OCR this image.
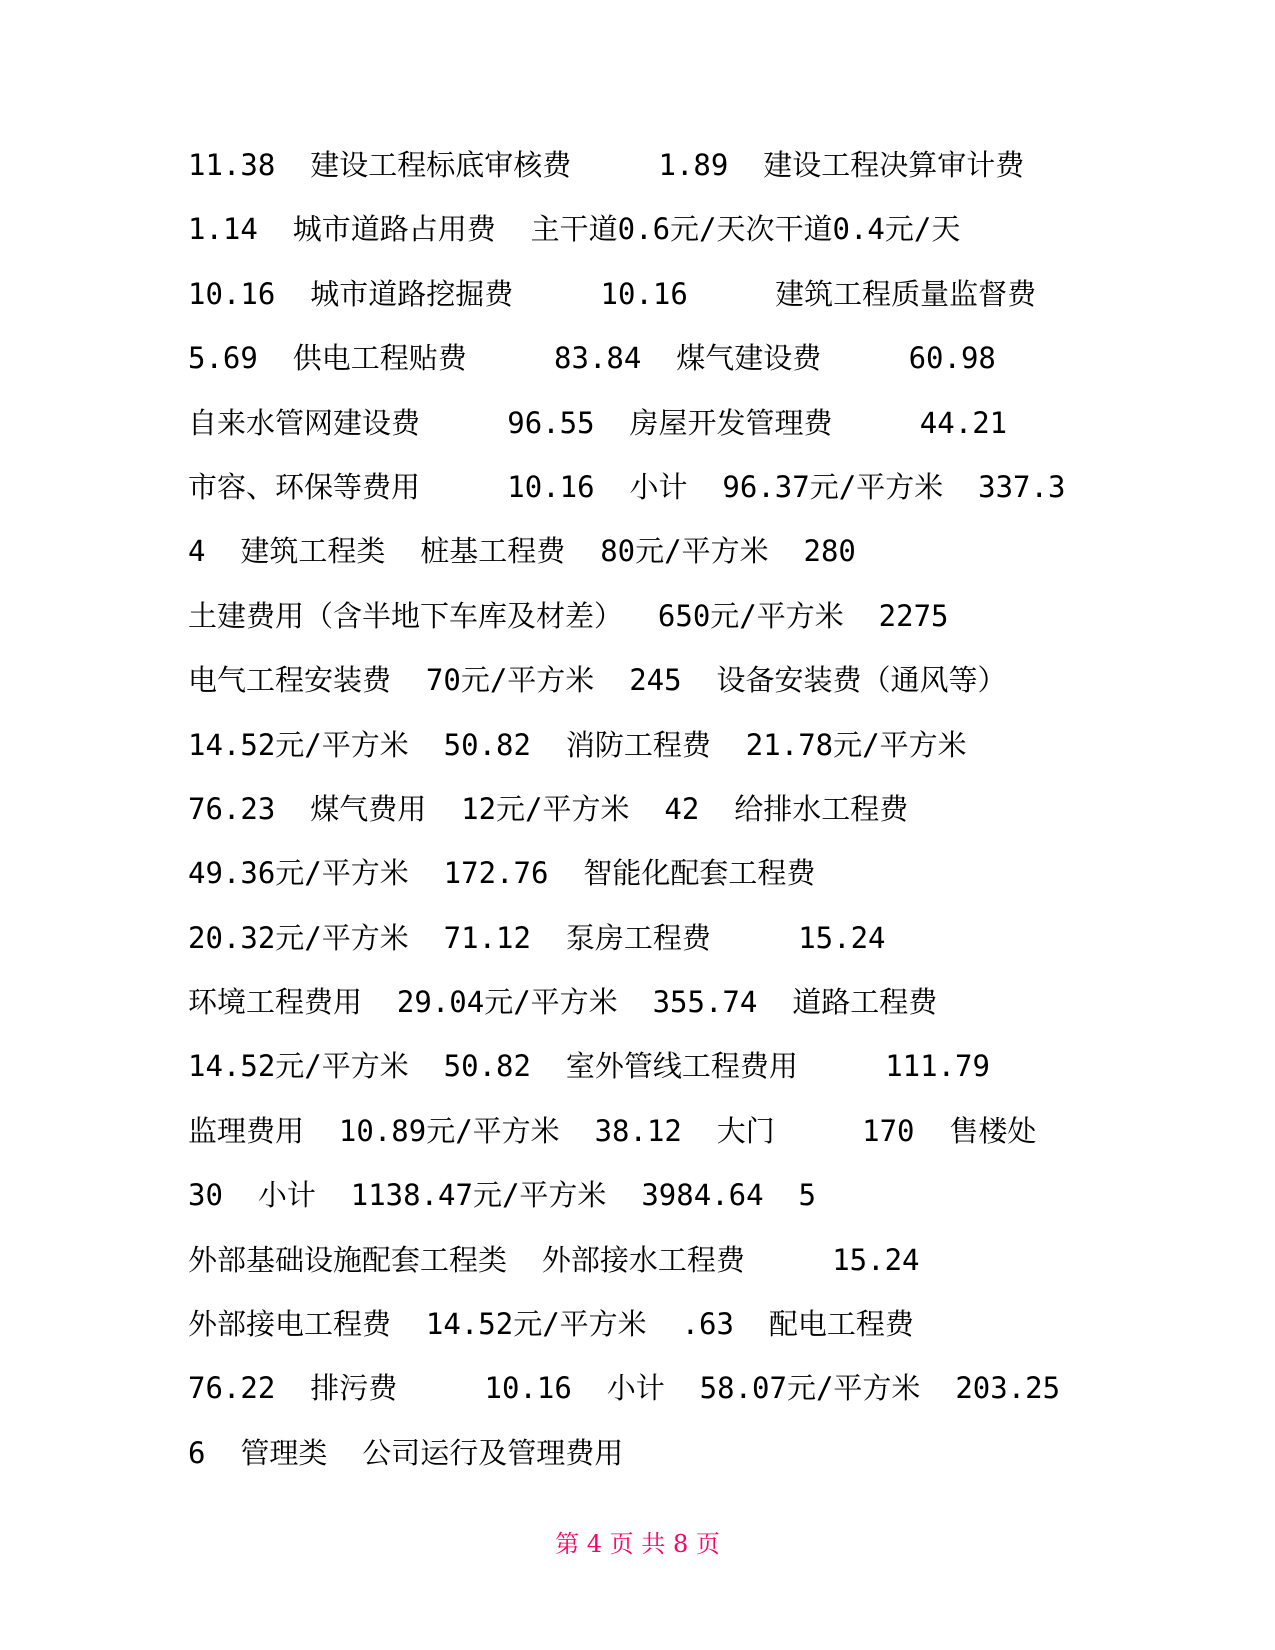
11.38  建设工程标底审核费     1.89  建设工程决算审计费
1.14  城市道路占用费  主干道0.6元/天次干道0.4元/天
10.16  城市道路挖掘费     10.16     建筑工程质量监督费
5.69  供电工程贴费     83.84  煤气建设费     60.98
自来水管网建设费     96.55  房屋开发管理费     44.21
市容、环保等费用     10.16  小计  96.37元/平方米  337.3
4  建筑工程类  桩基工程费  80元/平方米  280
土建费用（含半地下车库及材差）  650元/平方米  2275
电气工程安装费  70元/平方米  245  设备安装费（通风等）
14.52元/平方米  50.82  消防工程费  21.78元/平方米
76.23  煤气费用  12元/平方米  42  给排水工程费
49.36元/平方米  172.76  智能化配套工程费
20.32元/平方米  71.12  泵房工程费     15.24
环境工程费用  29.04元/平方米  355.74  道路工程费
14.52元/平方米  50.82  室外管线工程费用     111.79
监理费用  10.89元/平方米  38.12  大门     170  售楼处
30  小计  1138.47元/平方米  3984.64  5
外部基础设施配套工程类  外部接水工程费     15.24
外部接电工程费  14.52元/平方米  .63  配电工程费
76.22  排污费     10.16  小计  58.07元/平方米  203.25
6  管理类  公司运行及管理费用
第 4 页 共 8 页
